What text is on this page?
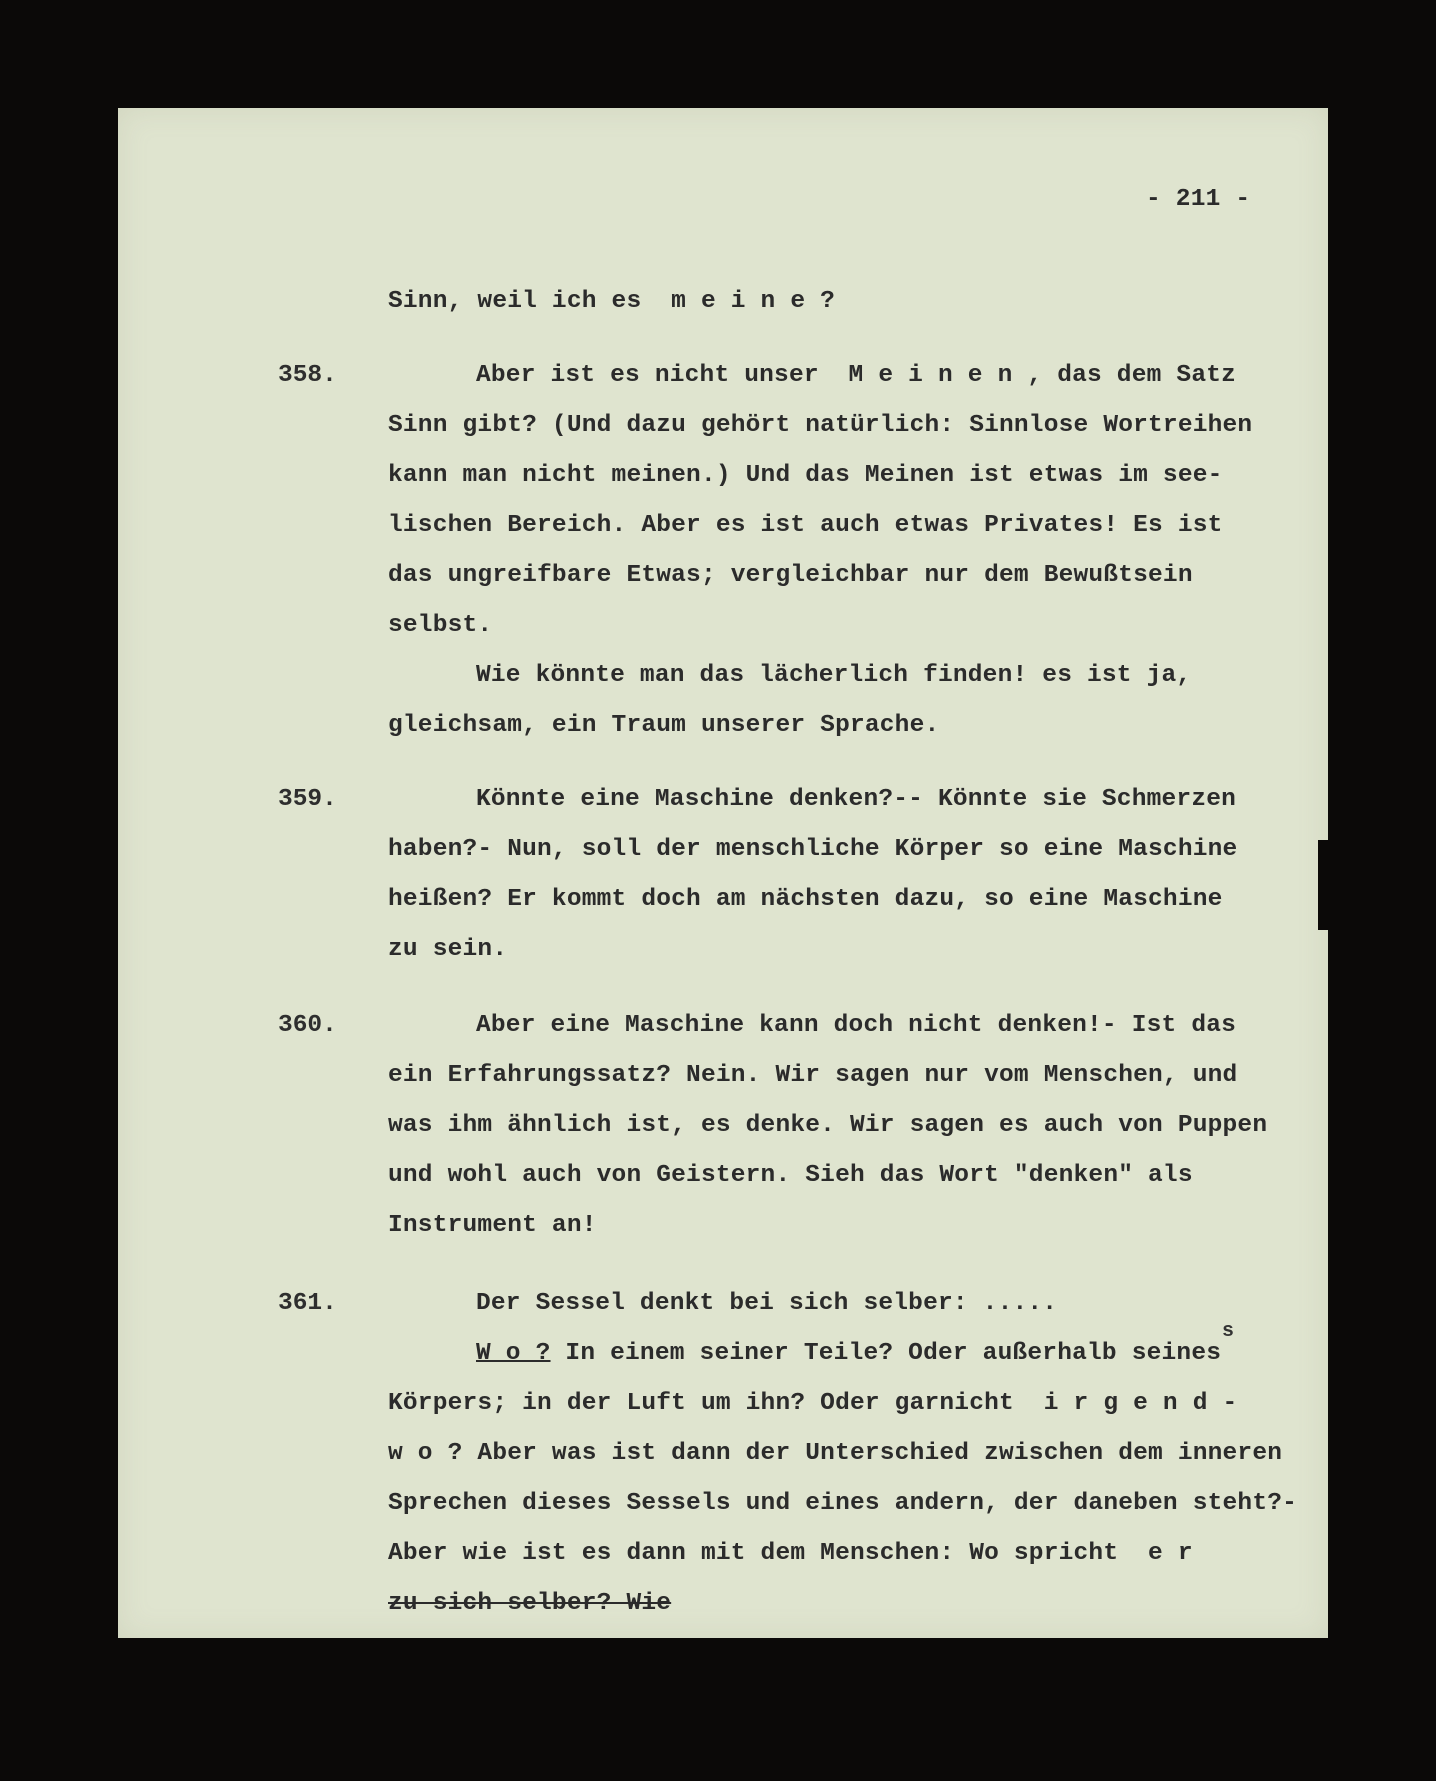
- 211 -
Sinn, weil ich es  m e i n e ?
358.	Aber ist es nicht unser  M e i n e n , das dem Satz
Sinn gibt? (Und dazu gehört natürlich: Sinnlose Wortreihen
kann man nicht meinen.) Und das Meinen ist etwas im see-
lischen Bereich. Aber es ist auch etwas Privates! Es ist
das ungreifbare Etwas; vergleichbar nur dem Bewußtsein
selbst.
Wie könnte man das lächerlich finden! es ist ja,
gleichsam, ein Traum unserer Sprache.
359.	Könnte eine Maschine denken?-- Könnte sie Schmerzen
haben?- Nun, soll der menschliche Körper so eine Maschine
heißen? Er kommt doch am nächsten dazu, so eine Maschine
zu sein.
360.	Aber eine Maschine kann doch nicht denken!- Ist das
ein Erfahrungssatz? Nein. Wir sagen nur vom Menschen, und
was ihm ähnlich ist, es denke. Wir sagen es auch von Puppen
und wohl auch von Geistern. Sieh das Wort "denken" als
Instrument an!
361.	Der Sessel denkt bei sich selber: .....
W o ? In einem seiner Teile? Oder außerhalb seines
s
Körpers; in der Luft um ihn? Oder garnicht  i r g e n d -
w o ? Aber was ist dann der Unterschied zwischen dem inneren
Sprechen dieses Sessels und eines andern, der daneben steht?-
Aber wie ist es dann mit dem Menschen: Wo spricht  e r
zu sich selber? Wie
